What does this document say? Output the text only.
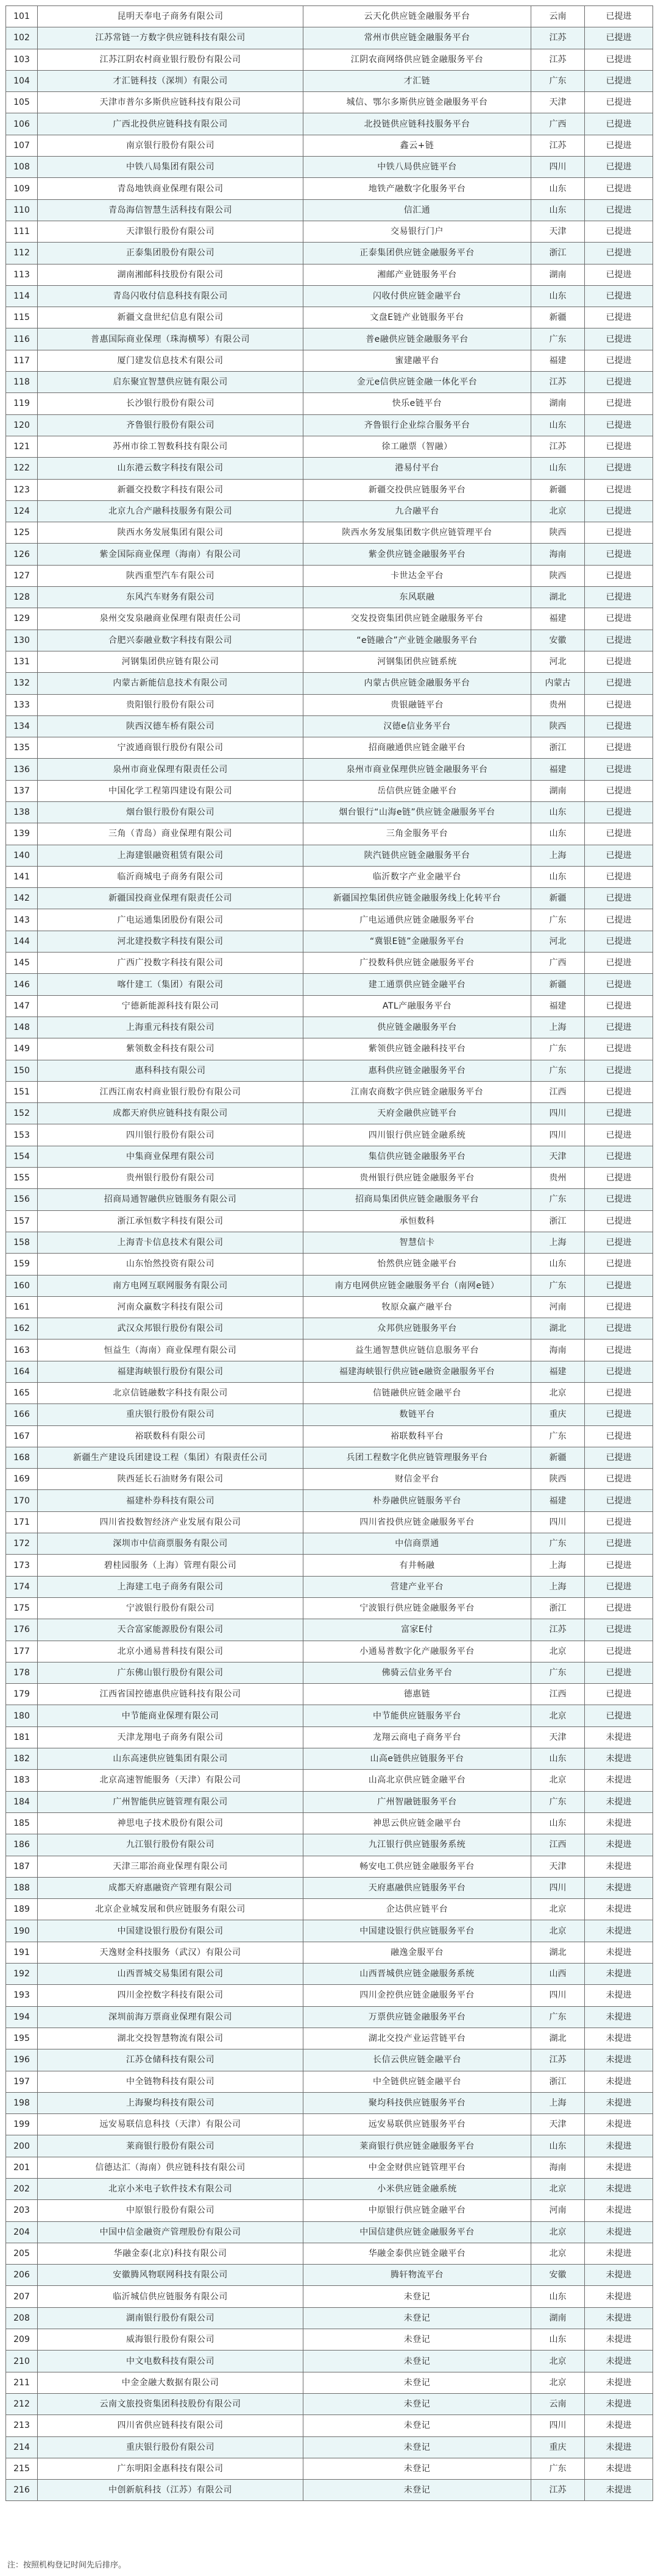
101	昆明天奉电子商务有限公司	云天化供应链金融服务平台	云南	已提进
102	江苏常链一方数字供应链科技有限公司	常州市供应链金融服务平台	江苏	已提进
103	江苏江阴农村商业银行股份有限公司	江阴农商网络供应链金融服务平台	江苏	已提进
104	才汇链科技（深圳）有限公司	才汇链	广东	已提进
105	天津市普尔多斯供应链科技有限公司	城信、鄂尔多斯供应链金融服务平台	天津	已提进
106	广西北投供应链科技有限公司	北投链供应链科技服务平台	广西	已提进
107	南京银行股份有限公司	鑫云+链	江苏	已提进
108	中铁八局集团有限公司	中铁八局供应链平台	四川	已提进
109	青岛地铁商业保理有限公司	地铁产融数字化服务平台	山东	已提进
110	青岛海信智慧生活科技有限公司	信汇通	山东	已提进
111	天津银行股份有限公司	交易银行门户	天津	已提进
112	正泰集团股份有限公司	正泰集团供应链金融服务平台	浙江	已提进
113	湖南湘邮科技股份有限公司	湘邮产业链服务平台	湖南	已提进
114	青岛闪收付信息科技有限公司	闪收付供应链金融平台	山东	已提进
115	新疆文盘世纪信息有限公司	文盘E链产业链服务平台	新疆	已提进
116	普惠国际商业保理（珠海横琴）有限公司	普e融供应链金融服务平台	广东	已提进
117	厦门建发信息技术有限公司	蜜建融平台	福建	已提进
118	启东聚宜智慧供应链有限公司	金元e信供应链金融一体化平台	江苏	已提进
119	长沙银行股份有限公司	快乐e链平台	湖南	已提进
120	齐鲁银行股份有限公司	齐鲁银行企业综合服务平台	山东	已提进
121	苏州市徐工智数科技有限公司	徐工融票（智融）	江苏	已提进
122	山东港云数字科技有限公司	港易付平台	山东	已提进
123	新疆交投数字科技有限公司	新疆交投供应链服务平台	新疆	已提进
124	北京九合产融科技服务有限公司	九合融平台	北京	已提进
125	陕西水务发展集团有限公司	陕西水务发展集团数字供应链管理平台	陕西	已提进
126	紫金国际商业保理（海南）有限公司	紫金供应链金融服务平台	海南	已提进
127	陕西重型汽车有限公司	卡世达金平台	陕西	已提进
128	东风汽车财务有限公司	东风联融	湖北	已提进
129	泉州交发泉融商业保理有限责任公司	交发投资集团供应链金融服务平台	福建	已提进
130	合肥兴泰融业数字科技有限公司	“e链融合”产业链金融服务平台	安徽	已提进
131	河钢集团供应链有限公司	河钢集团供应链系统	河北	已提进
132	内蒙古新能信息技术有限公司	内蒙古供应链金融服务平台	内蒙古	已提进
133	贵阳银行股份有限公司	贵银融链平台	贵州	已提进
134	陕西汉德车桥有限公司	汉德e信业务平台	陕西	已提进
135	宁波通商银行股份有限公司	招商融通供应链金融平台	浙江	已提进
136	泉州市商业保理有限责任公司	泉州市商业保理供应链金融服务平台	福建	已提进
137	中国化学工程第四建设有限公司	岳信供应链金融平台	湖南	已提进
138	烟台银行股份有限公司	烟台银行“山海e链”供应链金融服务平台	山东	已提进
139	三角（青岛）商业保理有限公司	三角金服务平台	山东	已提进
140	上海建银融资租赁有限公司	陕汽链供应链金融服务平台	上海	已提进
141	临沂商城电子商务有限公司	临沂数字产业金融平台	山东	已提进
142	新疆国投商业保理有限责任公司	新疆国控集团供应链金融服务线上化转平台	新疆	已提进
143	广电运通集团股份有限公司	广电运通供应链金融服务平台	广东	已提进
144	河北建投数字科技有限公司	“冀银E链”金融服务平台	河北	已提进
145	广西广投数字科技有限公司	广投数科供应链金融服务平台	广西	已提进
146	喀什建工（集团）有限公司	建工通票供应链金融平台	新疆	已提进
147	宁德新能源科技有限公司	ATL产融服务平台	福建	已提进
148	上海重元科技有限公司	供应链金融服务平台	上海	已提进
149	紫领数金科技有限公司	紫领供应链金融科技平台	广东	已提进
150	惠科科技有限公司	惠科供应链金融服务平台	广东	已提进
151	江西江南农村商业银行股份有限公司	江南农商数字供应链金融服务平台	江西	已提进
152	成都天府供应链科技有限公司	天府金融供应链平台	四川	已提进
153	四川银行股份有限公司	四川银行供应链金融系统	四川	已提进
154	中集商业保理有限公司	集信供应链金融服务平台	天津	已提进
155	贵州银行股份有限公司	贵州银行供应链金融服务平台	贵州	已提进
156	招商局通智融供应链服务有限公司	招商局集团供应链金融服务平台	广东	已提进
157	浙江承恒数字科技有限公司	承恒数科	浙江	已提进
158	上海青卡信息技术有限公司	智慧信卡	上海	已提进
159	山东怡然投资有限公司	怡然供应链金融平台	山东	已提进
160	南方电网互联网服务有限公司	南方电网供应链金融服务平台（南网e链）	广东	已提进
161	河南众赢数字科技有限公司	牧原众赢产融平台	河南	已提进
162	武汉众邦银行股份有限公司	众邦供应链服务平台	湖北	已提进
163	恒益生（海南）商业保理有限公司	益生通智慧供应链信息服务平台	海南	已提进
164	福建海峡银行股份有限公司	福建海峡银行供应链e融资金融服务平台	福建	已提进
165	北京信链融数字科技有限公司	信链融供应链金融平台	北京	已提进
166	重庆银行股份有限公司	数链平台	重庆	已提进
167	裕联数科有限公司	裕联数科平台	广东	已提进
168	新疆生产建设兵团建设工程（集团）有限责任公司	兵团工程数字化供应链管理服务平台	新疆	已提进
169	陕西延长石油财务有限公司	财信金平台	陕西	已提进
170	福建朴券科技有限公司	朴券融供应链服务平台	福建	已提进
171	四川省投数智经济产业发展有限公司	四川省投供应链金融服务平台	四川	已提进
172	深圳市中信商票服务有限公司	中信商票通	广东	已提进
173	碧桂园服务（上海）管理有限公司	有井畅融	上海	已提进
174	上海建工电子商务有限公司	营建产业平台	上海	已提进
175	宁波银行股份有限公司	宁波银行供应链金融服务平台	浙江	已提进
176	天合富家能源股份有限公司	富家E付	江苏	已提进
177	北京小通易普科技有限公司	小通易普数字化产融服务平台	北京	已提进
178	广东佛山银行股份有限公司	佛骑云信业务平台	广东	已提进
179	江西省国控德惠供应链科技有限公司	德惠链	江西	已提进
180	中节能商业保理有限公司	中节能供应链服务平台	北京	已提进
181	天津龙翔电子商务有限公司	龙翔云商电子商务平台	天津	未提进
182	山东高速供应链集团有限公司	山高e链供应链服务平台	山东	未提进
183	北京高速智能服务（天津）有限公司	山高北京供应链金融平台	北京	未提进
184	广州智能供应链管理有限公司	广州智融链服务平台	广东	未提进
185	神思电子技术股份有限公司	神思云供应链金融平台	山东	未提进
186	九江银行股份有限公司	九江银行供应链服务系统	江西	未提进
187	天津三耶治商业保理有限公司	畅安电工供应链金融服务平台	天津	未提进
188	成都天府惠融资产管理有限公司	天府惠融供应链服务平台	四川	未提进
189	北京企业城发展和供应链服务有限公司	企达供应链平台	北京	未提进
190	中国建设银行股份有限公司	中国建设银行供应链服务平台	北京	未提进
191	天逸财金科技服务（武汉）有限公司	融逸金服平台	湖北	未提进
192	山西晋城交易集团有限公司	山西晋城供应链金融服务系统	山西	未提进
193	四川金控数字科技有限公司	四川金控供应链金融服务平台	四川	未提进
194	深圳前海万票商业保理有限公司	万票供应链金融服务平台	广东	未提进
195	湖北交投智慧物流有限公司	湖北交投产业运营链平台	湖北	未提进
196	江苏仓储科技有限公司	长信云供应链金融平台	江苏	未提进
197	中全链物科技有限公司	中全链供应链金融平台	浙江	未提进
198	上海聚均科技有限公司	聚均科技供应链服务平台	上海	未提进
199	远安易联信息科技（天津）有限公司	远安易联供应链服务平台	天津	未提进
200	莱商银行股份有限公司	莱商银行供应链金融服务平台	山东	未提进
201	信德达汇（海南）供应链科技有限公司	中金金财供应链管理平台	海南	未提进
202	北京小米电子软件技术有限公司	小米供应链金融系统	北京	未提进
203	中原银行股份有限公司	中原银行供应链金融平台	河南	未提进
204	中国中信金融资产管理股份有限公司	中国信建供应链金融服务平台	北京	未提进
205	华融金泰(北京)科技有限公司	华融金泰供应链金融平台	北京	未提进
206	安徽腾风物联网科技有限公司	腾轩物流平台	安徽	未提进
207	临沂城信供应链服务有限公司	未登记	山东	未提进
208	湖南银行股份有限公司	未登记	湖南	未提进
209	威海银行股份有限公司	未登记	山东	未提进
210	中文电数科技有限公司	未登记	北京	未提进
211	中金金融大数据有限公司	未登记	北京	未提进
212	云南文旅投资集团科技股份有限公司	未登记	云南	未提进
213	四川省供应链科技有限公司	未登记	四川	未提进
214	重庆银行股份有限公司	未登记	重庆	未提进
215	广东明阳金惠科技有限公司	未登记	广东	未提进
216	中创新航科技（江苏）有限公司	未登记	江苏	未提进
注：按照机构登记时间先后排序。
